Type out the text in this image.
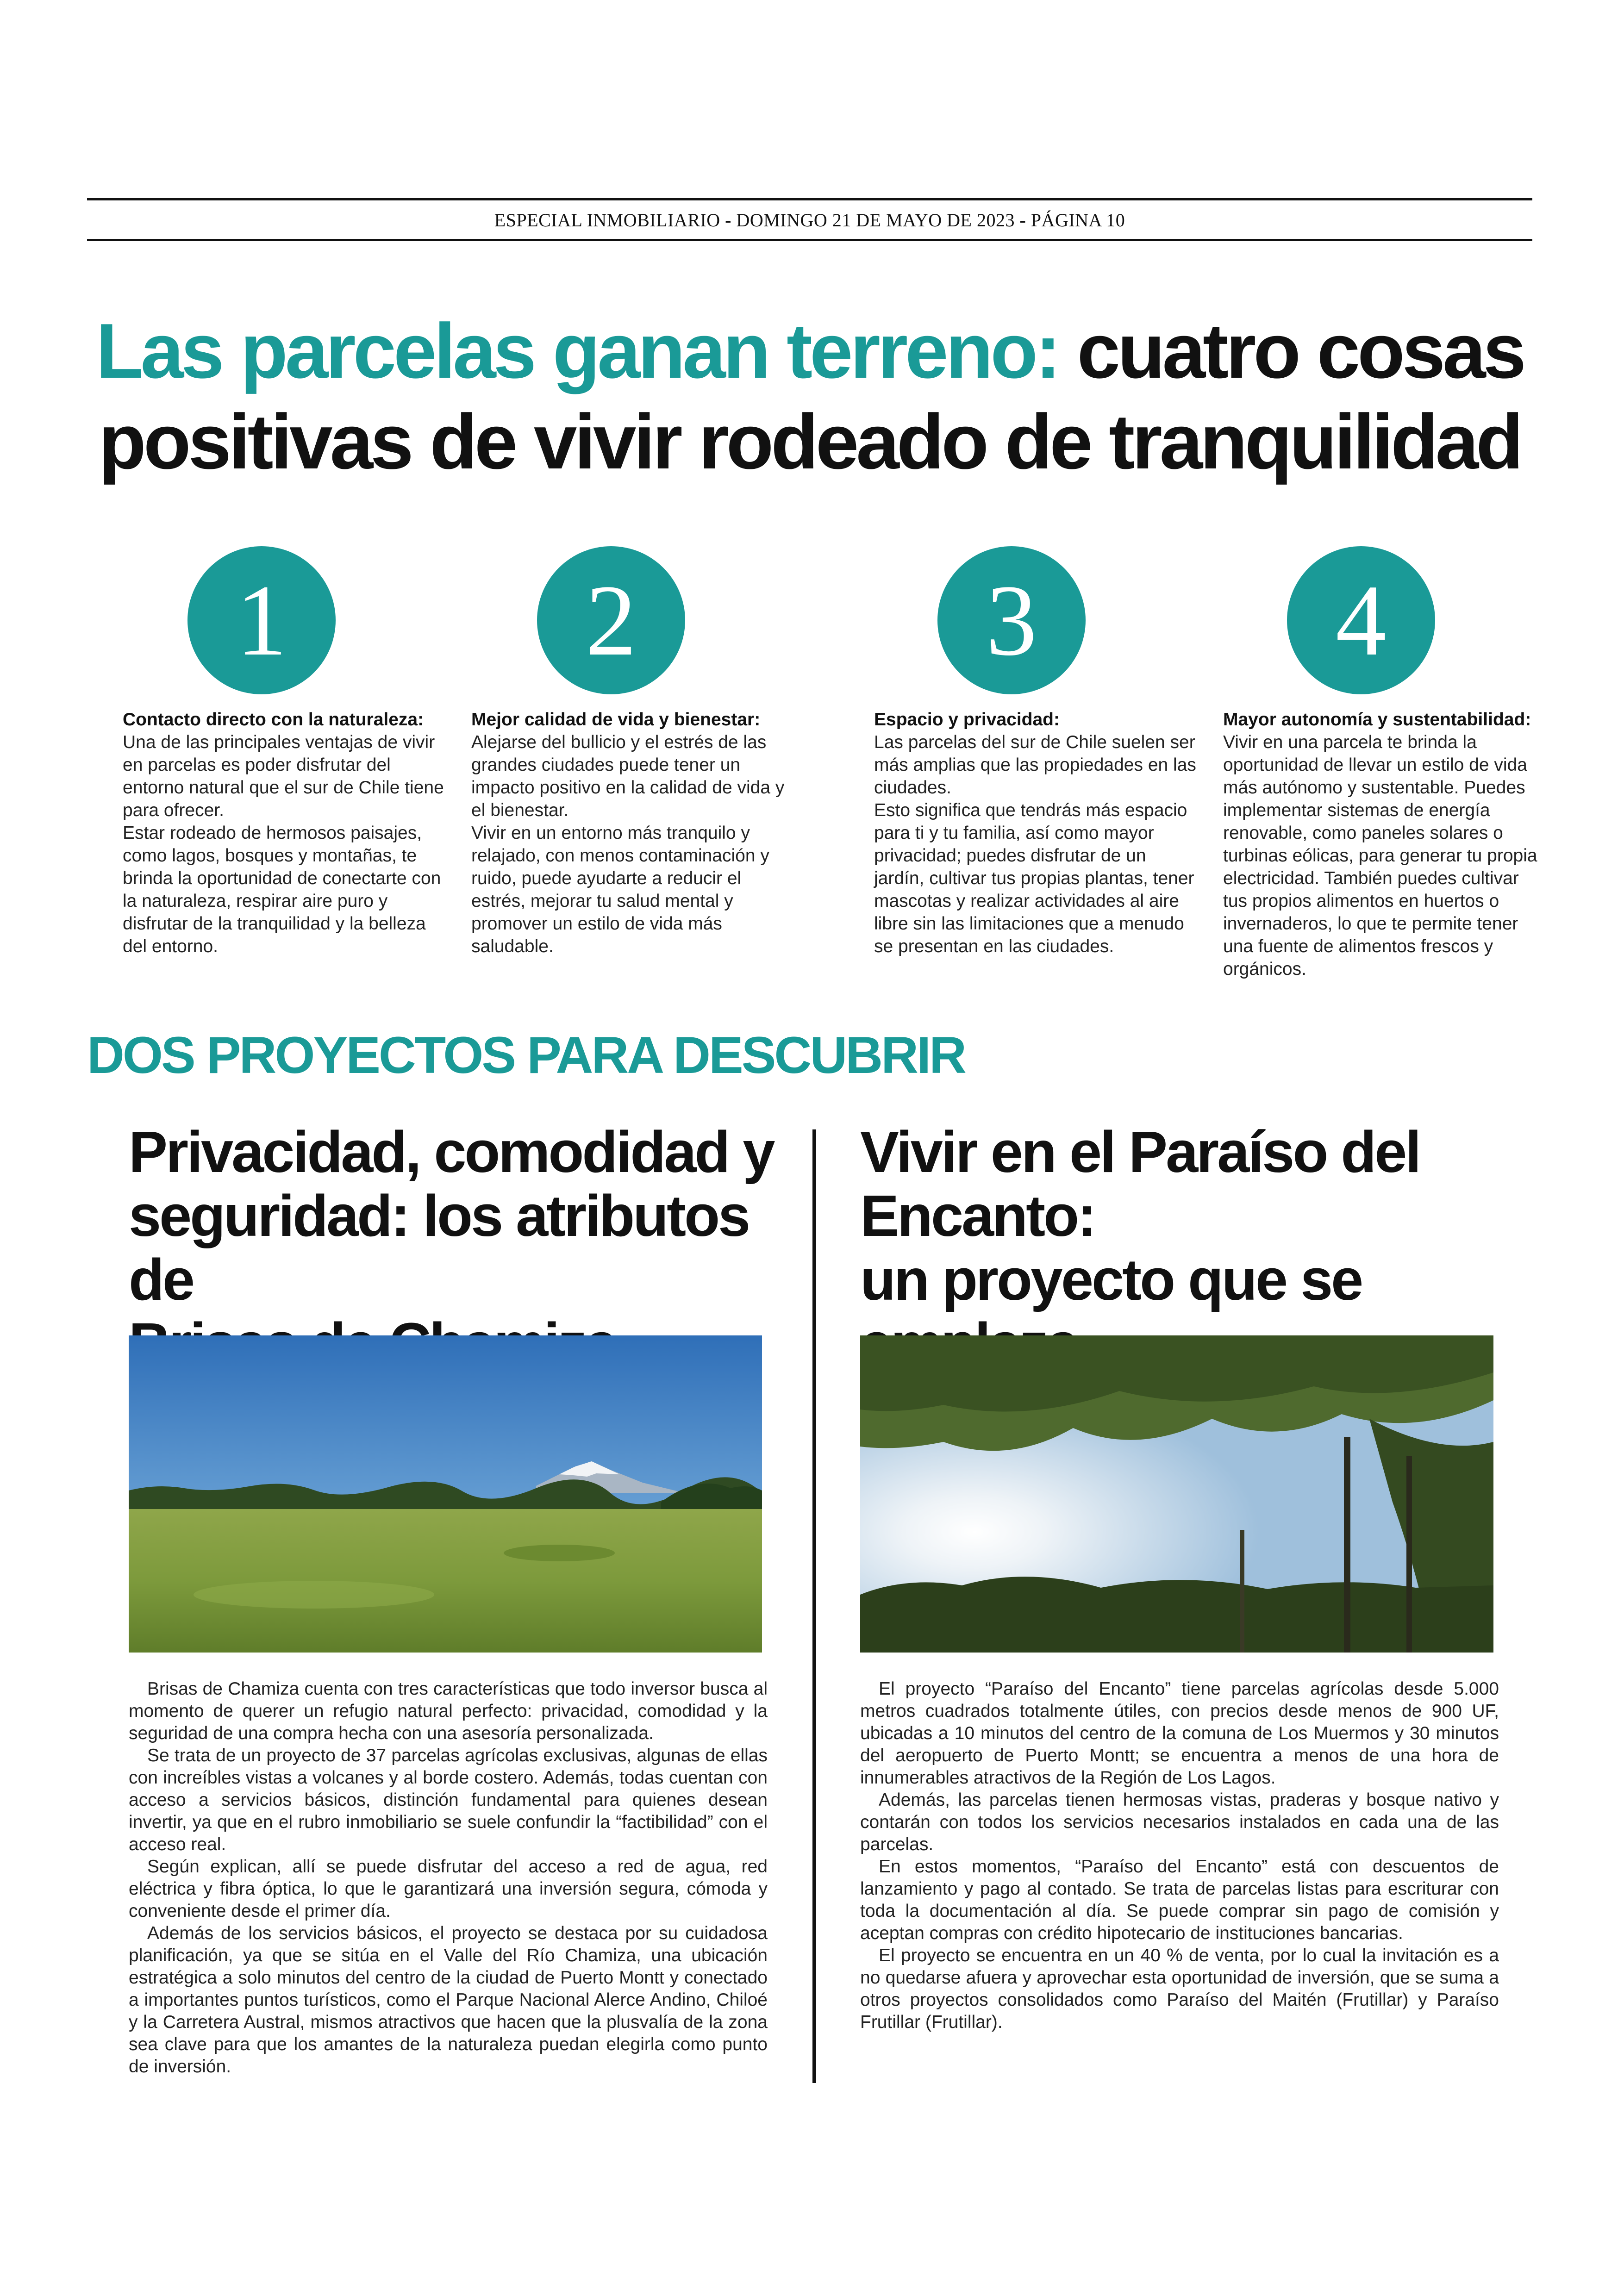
ESPECIAL INMOBILIARIO - DOMINGO 21 DE MAYO DE 2023 - PÁGINA 10
Las parcelas ganan terreno: cuatro cosas positivas de vivir rodeado de tranquilidad
1	2	3	4
Contacto directo con la naturaleza:

Una de las principales ventajas de vivir en parcelas es poder disfrutar del entorno natural que el sur de Chile tiene para ofrecer.

Estar rodeado de hermosos paisajes, como lagos, bosques y montañas, te brinda la oportunidad de conectarte con la naturaleza, respirar aire puro y disfrutar de la tranquilidad y la belleza del entorno.

Mejor calidad de vida y bienestar:

Alejarse del bullicio y el estrés de las grandes ciudades puede tener un impacto positivo en la calidad de vida y el bienestar.

Vivir en un entorno más tranquilo y relajado, con menos contaminación y ruido, puede ayudarte a reducir el estrés, mejorar tu salud mental y promover un estilo de vida más saludable.

Espacio y privacidad:

Las parcelas del sur de Chile suelen ser más amplias que las propiedades en las ciudades.

Esto significa que tendrás más espacio para ti y tu familia, así como mayor privacidad; puedes disfrutar de un jardín, cultivar tus propias plantas, tener mascotas y realizar actividades al aire libre sin las limitaciones que a menudo se presentan en las ciudades.

Mayor autonomía y sustentabilidad:

Vivir en una parcela te brinda la oportunidad de llevar un estilo de vida más autónomo y sustentable. Puedes implementar sistemas de energía renovable, como paneles solares o turbinas eólicas, para generar tu propia electricidad. También puedes cultivar tus propios alimentos en huertos o invernaderos, lo que te permite tener una fuente de alimentos frescos y orgánicos.

DOS PROYECTOS PARA DESCUBRIR
Privacidad, comodidad y
seguridad: los atributos de
Vivir en el Paraíso del Encanto:
un proyecto que se

Brisas de Chamiza cuenta con tres características que todo inversor busca al momento de querer un refugio natural perfecto: privacidad, comodidad y la seguridad de una compra hecha con una asesoría personalizada.

Se trata de un proyecto de 37 parcelas agrícolas exclusivas, algunas de ellas con increíbles vistas a volcanes y al borde costero. Además, todas cuentan con acceso a servicios básicos, distinción fundamental para quienes desean invertir, ya que en el rubro inmobiliario se suele confundir la “factibilidad” con el acceso real.

Según explican, allí se puede disfrutar del acceso a red de agua, red eléctrica y fibra óptica, lo que le garantizará una inversión segura, cómoda y conveniente desde el primer día.

Además de los servicios básicos, el proyecto se destaca por su cuidadosa planificación, ya que se sitúa en el Valle del Río Chamiza, una ubicación estratégica a solo minutos del centro de la ciudad de Puerto Montt y conectado a importantes puntos turísticos, como el Parque Nacional Alerce Andino, Chiloé y la Carretera Austral, mismos atractivos que hacen que la plusvalía de la zona sea clave para que los amantes de la naturaleza puedan elegirla como punto de inversión.

El proyecto “Paraíso del Encanto” tiene parcelas agrícolas desde 5.000 metros cuadrados totalmente útiles, con precios desde menos de 900 UF, ubicadas a 10 minutos del centro de la comuna de Los Muermos y 30 minutos del aeropuerto de Puerto Montt; se encuentra a menos de una hora de innumerables atractivos de la Región de Los Lagos.

Además, las parcelas tienen hermosas vistas, praderas y bosque nativo y contarán con todos los servicios necesarios instalados en cada una de las parcelas.

En estos momentos, “Paraíso del Encanto” está con descuentos de lanzamiento y pago al contado. Se trata de parcelas listas para escriturar con toda la documentación al día. Se puede comprar sin pago de comisión y aceptan compras con crédito hipotecario de instituciones bancarias.

El proyecto se encuentra en un 40 % de venta, por lo cual la invitación es a no quedarse afuera y aprovechar esta oportunidad de inversión, que se suma a otros proyectos consolidados como Paraíso del Maitén (Frutillar) y Paraíso Frutillar (Frutillar).
